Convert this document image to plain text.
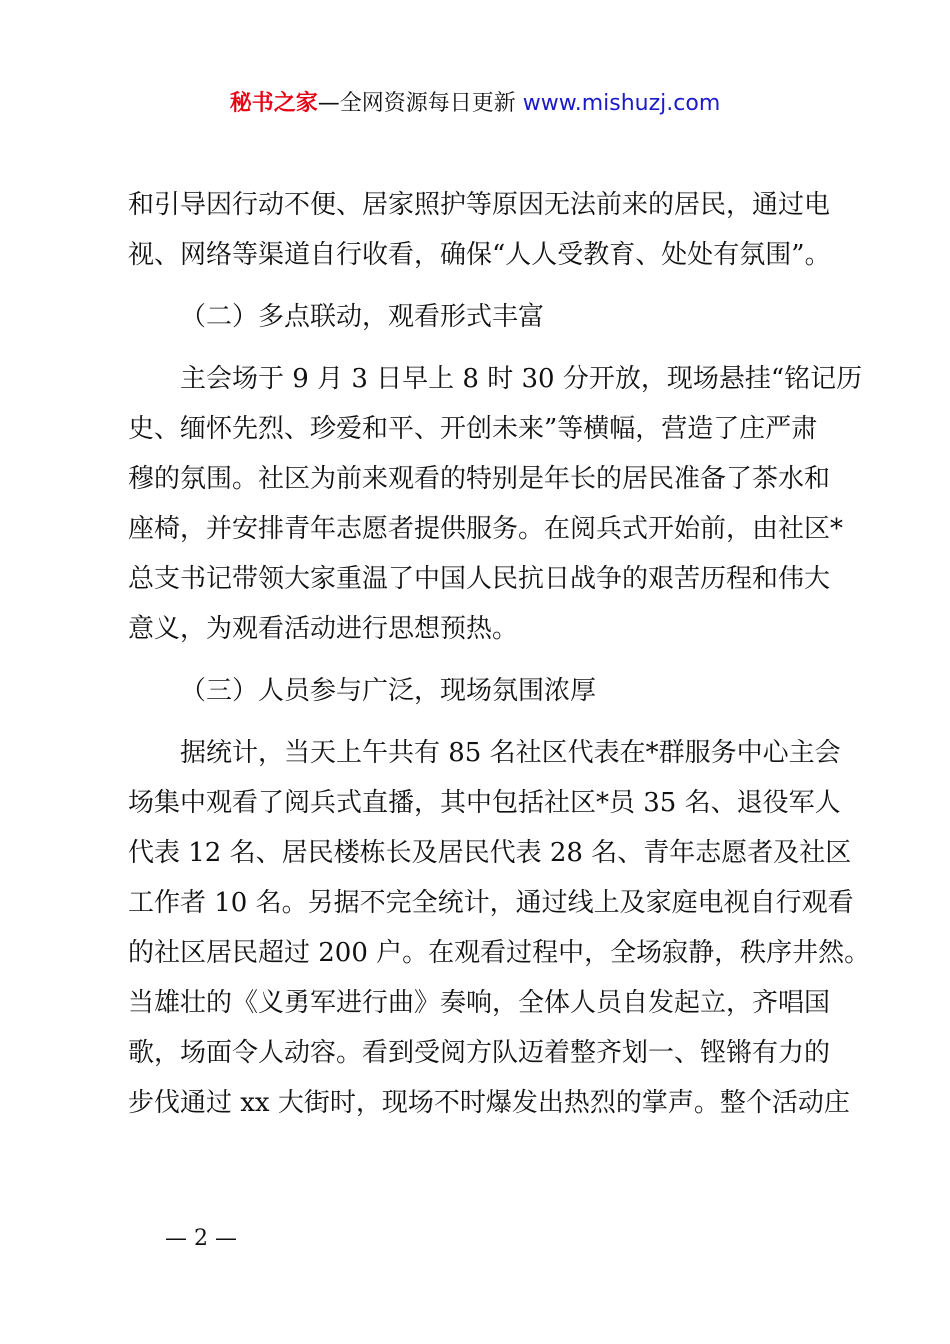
秘书之家—全网资源每日更新 www.mishuzj.com
和引导因行动不便、居家照护等原因无法前来的居民，通过电
视、网络等渠道自行收看，确保“人人受教育、处处有氛围”。
（二）多点联动，观看形式丰富
主会场于 9 月 3 日早上 8 时 30 分开放，现场悬挂“铭记历
史、缅怀先烈、珍爱和平、开创未来”等横幅，营造了庄严肃
穆的氛围。社区为前来观看的特别是年长的居民准备了茶水和
座椅，并安排青年志愿者提供服务。在阅兵式开始前，由社区*
总支书记带领大家重温了中国人民抗日战争的艰苦历程和伟大
意义，为观看活动进行思想预热。
（三）人员参与广泛，现场氛围浓厚
据统计，当天上午共有 85 名社区代表在*群服务中心主会
场集中观看了阅兵式直播，其中包括社区*员 35 名、退役军人
代表 12 名、居民楼栋长及居民代表 28 名、青年志愿者及社区
工作者 10 名。另据不完全统计，通过线上及家庭电视自行观看
的社区居民超过 200 户。在观看过程中，全场寂静，秩序井然。
当雄壮的《义勇军进行曲》奏响，全体人员自发起立，齐唱国
歌，场面令人动容。看到受阅方队迈着整齐划一、铿锵有力的
步伐通过 xx 大街时，现场不时爆发出热烈的掌声。整个活动庄
— 2 —
